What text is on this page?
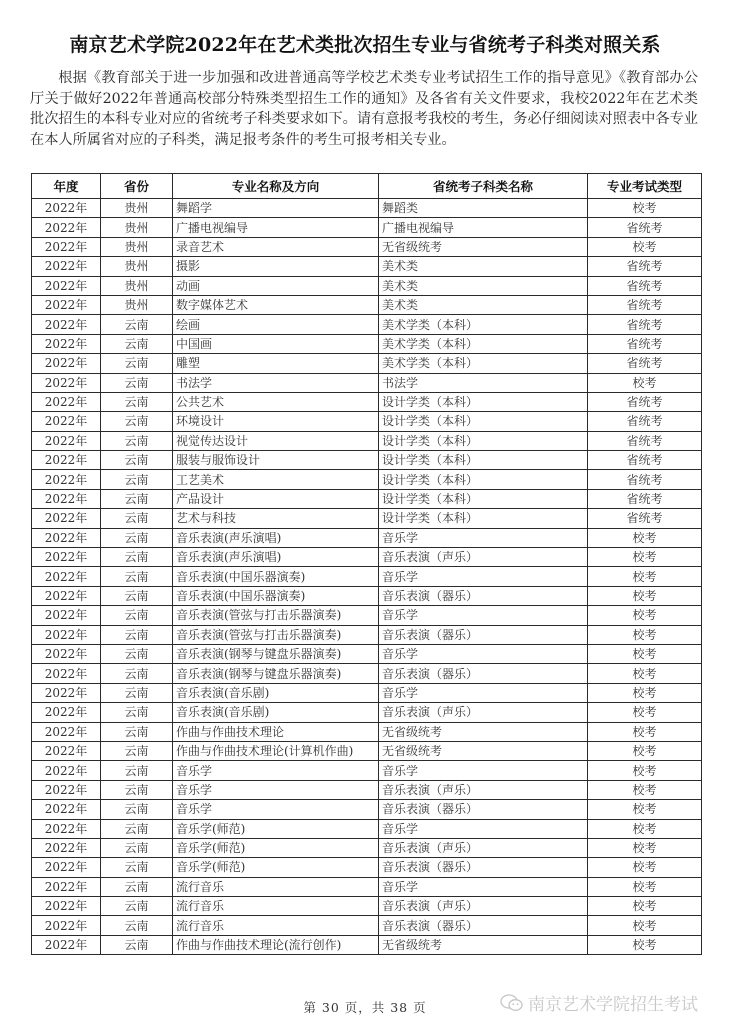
南京艺术学院2022年在艺术类批次招生专业与省统考子科类对照关系
根据《教育部关于进一步加强和改进普通高等学校艺术类专业考试招生工作的指导意见》《教育部办公厅关于做好2022年普通高校部分特殊类型招生工作的通知》及各省有关文件要求，我校2022年在艺术类批次招生的本科专业对应的省统考子科类要求如下。请有意报考我校的考生，务必仔细阅读对照表中各专业在本人所属省对应的子科类，满足报考条件的考生可报考相关专业。
年度	省份	专业名称及方向	省统考子科类名称	专业考试类型
2022年	贵州	舞蹈学	舞蹈类	校考
2022年	贵州	广播电视编导	广播电视编导	省统考
2022年	贵州	录音艺术	无省级统考	校考
2022年	贵州	摄影	美术类	省统考
2022年	贵州	动画	美术类	省统考
2022年	贵州	数字媒体艺术	美术类	省统考
2022年	云南	绘画	美术学类（本科）	省统考
2022年	云南	中国画	美术学类（本科）	省统考
2022年	云南	雕塑	美术学类（本科）	省统考
2022年	云南	书法学	书法学	校考
2022年	云南	公共艺术	设计学类（本科）	省统考
2022年	云南	环境设计	设计学类（本科）	省统考
2022年	云南	视觉传达设计	设计学类（本科）	省统考
2022年	云南	服装与服饰设计	设计学类（本科）	省统考
2022年	云南	工艺美术	设计学类（本科）	省统考
2022年	云南	产品设计	设计学类（本科）	省统考
2022年	云南	艺术与科技	设计学类（本科）	省统考
2022年	云南	音乐表演(声乐演唱)	音乐学	校考
2022年	云南	音乐表演(声乐演唱)	音乐表演（声乐）	校考
2022年	云南	音乐表演(中国乐器演奏)	音乐学	校考
2022年	云南	音乐表演(中国乐器演奏)	音乐表演（器乐）	校考
2022年	云南	音乐表演(管弦与打击乐器演奏)	音乐学	校考
2022年	云南	音乐表演(管弦与打击乐器演奏)	音乐表演（器乐）	校考
2022年	云南	音乐表演(钢琴与键盘乐器演奏)	音乐学	校考
2022年	云南	音乐表演(钢琴与键盘乐器演奏)	音乐表演（器乐）	校考
2022年	云南	音乐表演(音乐剧)	音乐学	校考
2022年	云南	音乐表演(音乐剧)	音乐表演（声乐）	校考
2022年	云南	作曲与作曲技术理论	无省级统考	校考
2022年	云南	作曲与作曲技术理论(计算机作曲)	无省级统考	校考
2022年	云南	音乐学	音乐学	校考
2022年	云南	音乐学	音乐表演（声乐）	校考
2022年	云南	音乐学	音乐表演（器乐）	校考
2022年	云南	音乐学(师范)	音乐学	校考
2022年	云南	音乐学(师范)	音乐表演（声乐）	校考
2022年	云南	音乐学(师范)	音乐表演（器乐）	校考
2022年	云南	流行音乐	音乐学	校考
2022年	云南	流行音乐	音乐表演（声乐）	校考
2022年	云南	流行音乐	音乐表演（器乐）	校考
2022年	云南	作曲与作曲技术理论(流行创作)	无省级统考	校考
第 30 页，共 38 页	南京艺术学院招生考试
